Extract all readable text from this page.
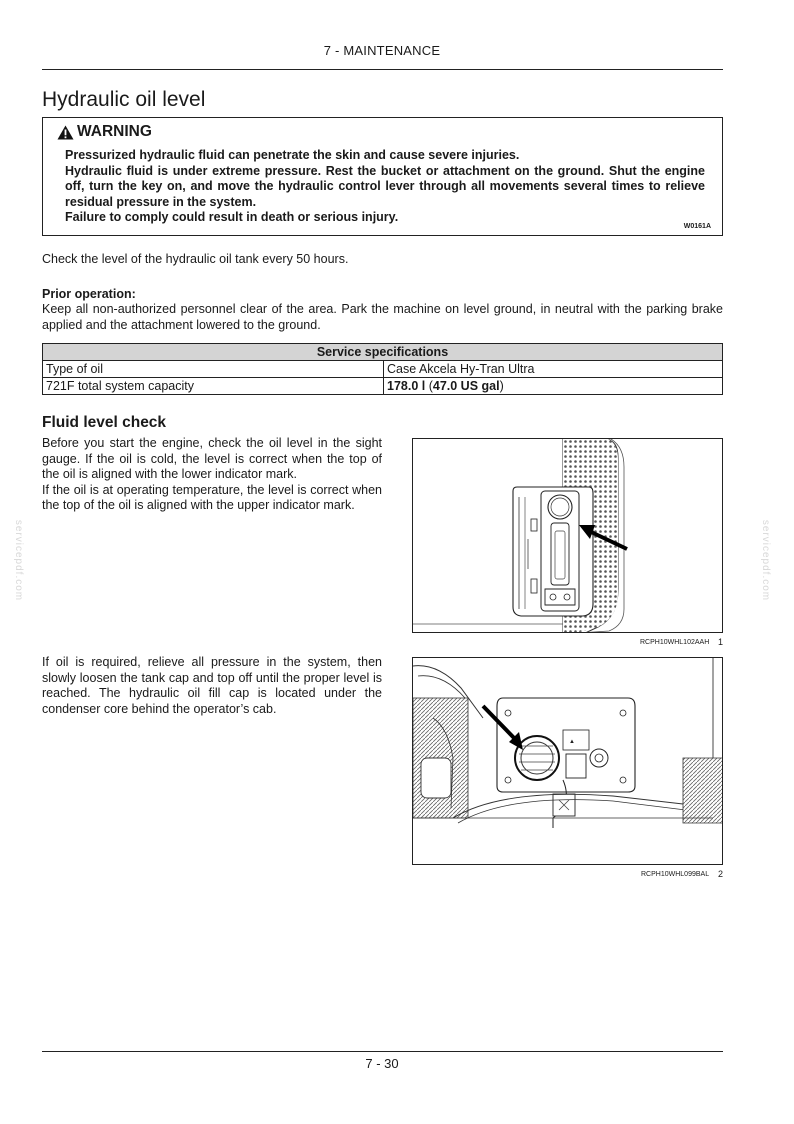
7 - MAINTENANCE
Hydraulic oil level
WARNING

Pressurized hydraulic fluid can penetrate the skin and cause severe injuries.

Hydraulic fluid is under extreme pressure. Rest the bucket or attachment on the ground. Shut the engine off, turn the key on, and move the hydraulic control lever through all movements several times to relieve residual pressure in the system.

Failure to comply could result in death or serious injury.

W0161A
Check the level of the hydraulic oil tank every 50 hours.
Prior operation:
Keep all non-authorized personnel clear of the area. Park the machine on level ground, in neutral with the parking brake applied and the attachment lowered to the ground.
Service specifications	
Type of oil	Case Akcela Hy-Tran Ultra
721F total system capacity	178.0 l (47.0 US gal)
Fluid level check

Before you start the engine, check the oil level in the sight gauge. If the oil is cold, the level is correct when the top of the oil is aligned with the lower indicator mark.

If the oil is at operating temperature, the level is correct when the top of the oil is aligned with the upper indicator mark.

If oil is required, relieve all pressure in the system, then slowly loosen the tank cap and top off until the proper level is reached. The hydraulic oil fill cap is located under the condenser core behind the operator’s cab.

RCPH10WHL102AAH 1
▲
RCPH10WHL099BAL 2
servicepdf.com	servicepdf.com
7 - 30
